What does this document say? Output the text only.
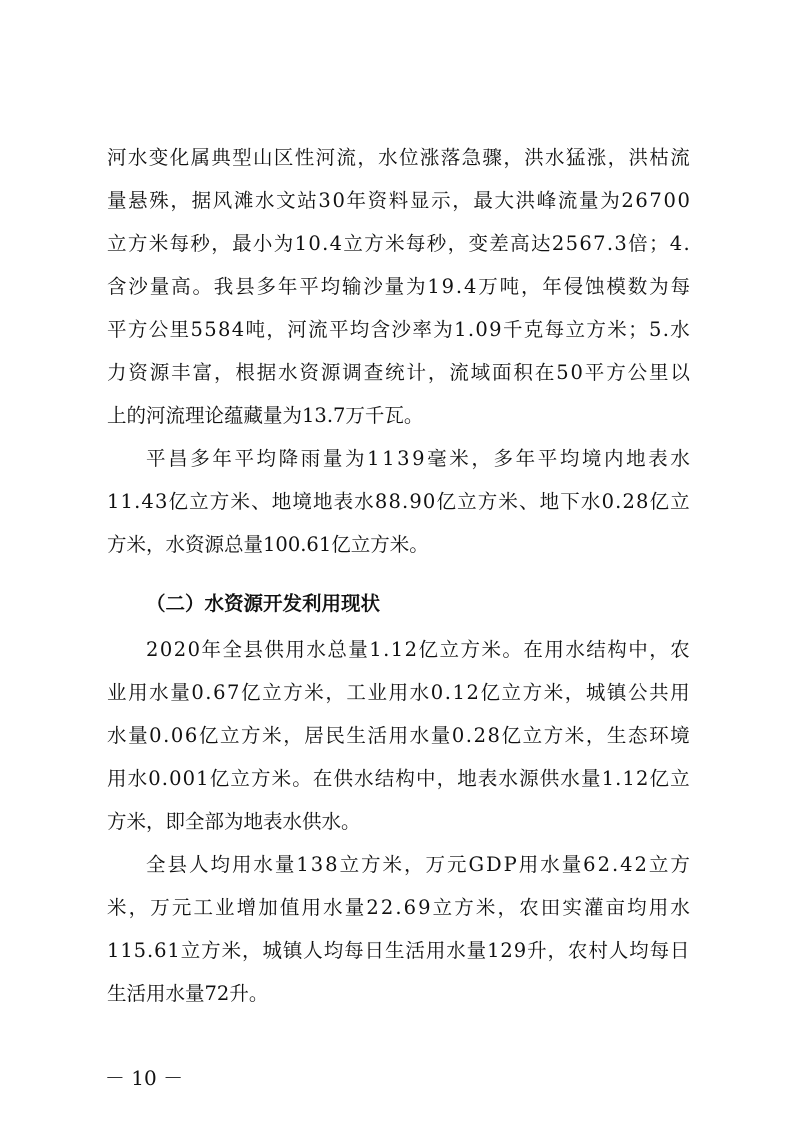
河 水 变 化 属 典 型 山 区 性 河 流 ， 水 位 涨 落 急 骤 ， 洪 水 猛 涨 ， 洪 枯 流
量 悬 殊 ， 据 风 滩 水 文 站 3 0 年 资 料 显 示 ， 最 大 洪 峰 流 量 为 2 6 7 0 0
立 方 米 每 秒 ， 最 小 为 1 0 . 4 立 方 米 每 秒 ， 变 差 高 达 2 5 6 7 . 3 倍 ； 4 .
含 沙 量 高 。 我 县 多 年 平 均 输 沙 量 为 1 9 . 4 万 吨 ， 年 侵 蚀 模 数 为 每
平 方 公 里 5 5 8 4 吨 ， 河 流 平 均 含 沙 率 为 1 . 0 9 千 克 每 立 方 米 ； 5 . 水
力 资 源 丰 富 ， 根 据 水 资 源 调 查 统 计 ， 流 域 面 积 在 5 0 平 方 公 里 以
上的河流理论蕴藏量为13.7万千瓦。
平 昌 多 年 平 均 降 雨 量 为 1 1 3 9 毫 米 ， 多 年 平 均 境 内 地 表 水
1 1 . 4 3 亿 立 方 米 、 地 境 地 表 水 8 8 . 9 0 亿 立 方 米 、 地 下 水 0 . 2 8 亿 立
方米，水资源总量100.61亿立方米。
（二）水资源开发利用现状
2 0 2 0 年 全 县 供 用 水 总 量 1 . 1 2 亿 立 方 米 。 在 用 水 结 构 中 ， 农
业 用 水 量 0 . 6 7 亿 立 方 米 ， 工 业 用 水 0 . 1 2 亿 立 方 米 ， 城 镇 公 共 用
水 量 0 . 0 6 亿 立 方 米 ， 居 民 生 活 用 水 量 0 . 2 8 亿 立 方 米 ， 生 态 环 境
用 水 0 . 0 0 1 亿 立 方 米 。 在 供 水 结 构 中 ， 地 表 水 源 供 水 量 1 . 1 2 亿 立
方米，即全部为地表水供水。
全 县 人 均 用 水 量 1 3 8 立 方 米 ， 万 元 G D P 用 水 量 6 2 . 4 2 立 方
米 ， 万 元 工 业 增 加 值 用 水 量 2 2 . 6 9 立 方 米 ， 农 田 实 灌 亩 均 用 水
1 1 5 . 6 1 立 方 米 ， 城 镇 人 均 每 日 生 活 用 水 量 1 2 9 升 ， 农 村 人 均 每 日
生活用水量72升。
－ 10 －
